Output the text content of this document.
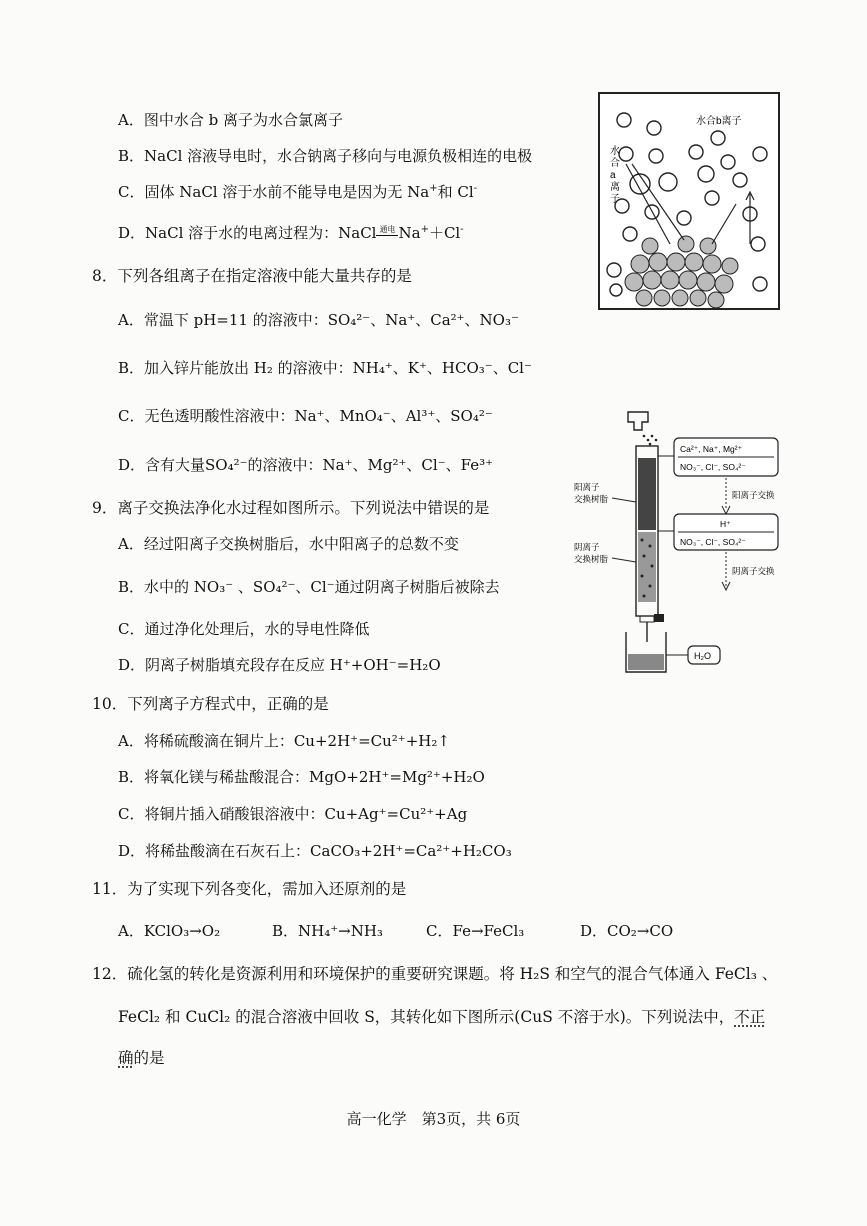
A．图中水合 b 离子为水合氯离子
B．NaCl 溶液导电时，水合钠离子移向与电源负极相连的电极
C．固体 NaCl 溶于水前不能导电是因为无 Na+和 Cl-
D．NaCl 溶于水的电离过程为：NaCl 通电 Na+＋Cl-
8．下列各组离子在指定溶液中能大量共存的是
A．常温下 pH=11 的溶液中：SO₄²⁻、Na⁺、Ca²⁺、NO₃⁻
B．加入锌片能放出 H₂ 的溶液中：NH₄⁺、K⁺、HCO₃⁻、Cl⁻
C．无色透明酸性溶液中：Na⁺、MnO₄⁻、Al³⁺、SO₄²⁻
D．含有大量SO₄²⁻的溶液中：Na⁺、Mg²⁺、Cl⁻、Fe³⁺
9．离子交换法净化水过程如图所示。下列说法中错误的是
A．经过阳离子交换树脂后，水中阳离子的总数不变
B．水中的 NO₃⁻ 、SO₄²⁻、Cl⁻通过阴离子树脂后被除去
C．通过净化处理后，水的导电性降低
D．阴离子树脂填充段存在反应 H⁺+OH⁻=H₂O
10．下列离子方程式中，正确的是
A．将稀硫酸滴在铜片上：Cu+2H⁺=Cu²⁺+H₂↑
B．将氧化镁与稀盐酸混合：MgO+2H⁺=Mg²⁺+H₂O
C．将铜片插入硝酸银溶液中：Cu+Ag⁺=Cu²⁺+Ag
D．将稀盐酸滴在石灰石上：CaCO₃+2H⁺=Ca²⁺+H₂CO₃
11．为了实现下列各变化，需加入还原剂的是
A．KClO₃→O₂	B．NH₄⁺→NH₃	C．Fe→FeCl₃	D．CO₂→CO
12．硫化氢的转化是资源利用和环境保护的重要研究课题。将 H₂S 和空气的混合气体通入 FeCl₃ 、
FeCl₂ 和 CuCl₂ 的混合溶液中回收 S，其转化如下图所示(CuS 不溶于水)。下列说法中，不正
确的是
水合b离子
水合 a 离子
阳离子
交换树脂
阴离子
交换树脂
Ca²⁺, Na⁺, Mg²⁺
NO₃⁻, Cl⁻, SO₄²⁻
阳离子交换
H⁺
NO₃⁻, Cl⁻, SO₄²⁻
阴离子交换
H₂O
高一化学　第3页，共 6页
